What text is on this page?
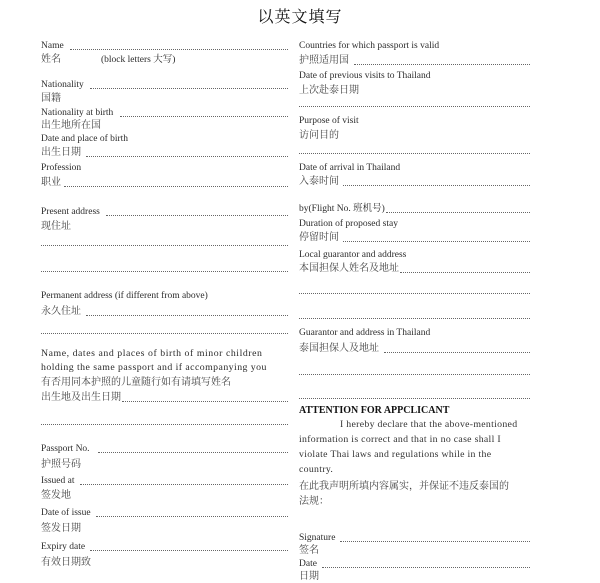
以英文填写
Name
姓名	(block letters 大写)
Nationality
国籍
Nationality at birth
出生地所在国
Date and place of birth
出生日期
Profession
职业
Present address
现住址
Permanent address (if different from above)
永久住址
Name, dates and places of birth of minor children
holding the same passport and if accompanying you
有否用同本护照的儿童随行如有请填写姓名
出生地及出生日期
Passport No.
护照号码
Issued at
签发地
Date of issue
签发日期
Expiry date
有效日期致
Countries for which passport is valid
护照适用国
Date of previous visits to Thailand
上次赴泰日期
Purpose of visit
访问目的
Date of arrival in Thailand
入泰时间
by(Flight No. 班机号)
Duration of proposed stay
停留时间
Local guarantor and address
本国担保人姓名及地址
Guarantor and address in Thailand
泰国担保人及地址
ATTENTION FOR APPCLICANT
I hereby declare that the above-mentioned
information is correct and that in no case shall I
violate Thai laws and regulations while in the
country.
在此我声明所填内容属实，并保证不违反泰国的
法规：
Signature
签名
Date
日期
